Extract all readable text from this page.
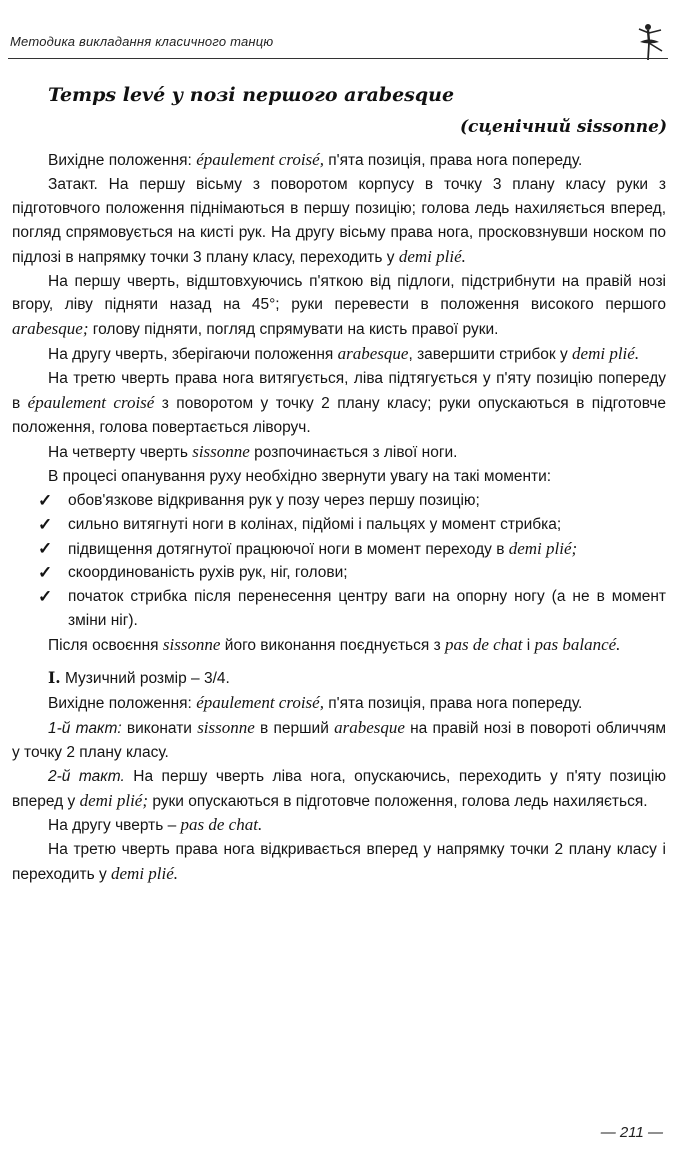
Методика викладання класичного танцю
Temps levé у позі першого arabesque
(сценічний sissonne)

Вихідне положення: épaulement croisé, п'ята позиція, права нога попереду.

Затакт. На першу вісьму з поворотом корпусу в точку 3 плану класу руки з підготовчого положення піднімаються в першу позицію; голова ледь нахиляється вперед, погляд спрямовується на кисті рук. На другу вісьму права нога, просковзнувши носком по підлозі в напрямку точки 3 плану класу, переходить у demi plié.

На першу чверть, відштовхуючись п'яткою від підлоги, підстрибнути на правій нозі вгору, ліву підняти назад на 45°; руки перевести в положення високого першого arabesque; голову підняти, погляд спрямувати на кисть правої руки.

На другу чверть, зберігаючи положення arabesque, завершити стрибок у demi plié.

На третю чверть права нога витягується, ліва підтягується у п'яту позицію попереду в épaulement croisé з поворотом у точку 2 плану класу; руки опускаються в підготовче положення, голова повертається ліворуч.

На четверту чверть sissonne розпочинається з лівої ноги.

В процесі опанування руху необхідно звернути увагу на такі моменти:

✓ обов'язкове відкривання рук у позу через першу позицію;
✓ сильно витягнуті ноги в колінах, підйомі і пальцях у момент стрибка;
✓ підвищення дотягнутої працюючої ноги в момент переходу в demi plié;
✓ скоординованість рухів рук, ніг, голови;
✓ початок стрибка після перенесення центру ваги на опорну ногу (а не в момент зміни ніг).

Після освоєння sissonne його виконання поєднується з pas de chat і pas balancé.

I. Музичний розмір – 3/4.

Вихідне положення: épaulement croisé, п'ята позиція, права нога попереду.

1-й такт: виконати sissonne в перший arabesque на правій нозі в повороті обличчям у точку 2 плану класу.

2-й такт. На першу чверть ліва нога, опускаючись, переходить у п'яту позицію вперед у demi plié; руки опускаються в підготовче положення, голова ледь нахиляється.

На другу чверть – pas de chat.

На третю чверть права нога відкривається вперед у напрямку точки 2 плану класу і переходить у demi plié.

— 211 —
